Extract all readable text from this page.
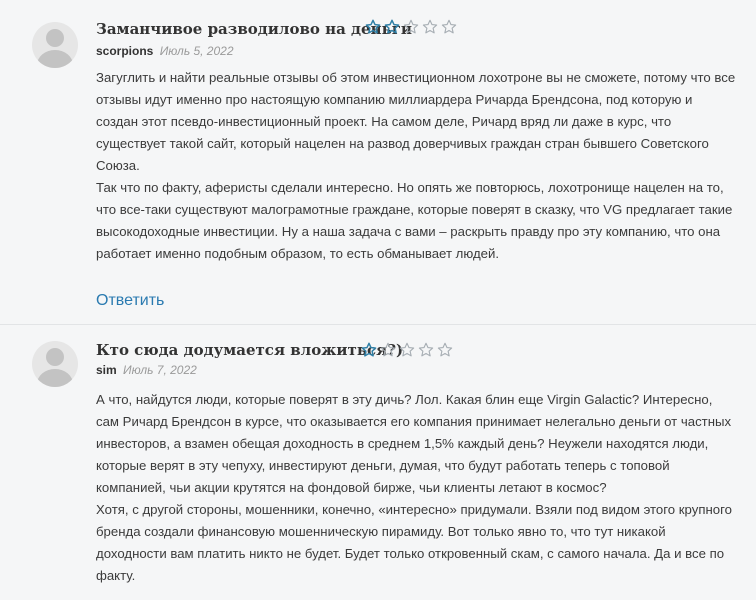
Заманчивое разводилово на деньги
scorpions Июль 5, 2022

Загуглить и найти реальные отзывы об этом инвестиционном лохотроне вы не сможете, потому что все отзывы идут именно про настоящую компанию миллиардера Ричарда Брендсона, под которую и создан этот псевдо-инвестиционный проект. На самом деле, Ричард вряд ли даже в курс, что существует такой сайт, который нацелен на развод доверчивых граждан стран бывшего Советского Союза.

Так что по факту, аферисты сделали интересно. Но опять же повторюсь, лохотронище нацелен на то, что все-таки существуют малограмотные граждане, которые поверят в сказку, что VG предлагает такие высокодоходные инвестиции. Ну а наша задача с вами – раскрыть правду про эту компанию, что она работает именно подобным образом, то есть обманывает людей.

Ответить
Кто сюда додумается вложиться?)
sim Июль 7, 2022

А что, найдутся люди, которые поверят в эту дичь? Лол. Какая блин еще Virgin Galactic? Интересно, сам Ричард Брендсон в курсе, что оказывается его компания принимает нелегально деньги от частных инвесторов, а взамен обещая доходность в среднем 1,5% каждый день? Неужели находятся люди, которые верят в эту чепуху, инвестируют деньги, думая, что будут работать теперь с топовой компанией, чьи акции крутятся на фондовой бирже, чьи клиенты летают в космос?

Хотя, с другой стороны, мошенники, конечно, «интересно» придумали. Взяли под видом этого крупного бренда создали финансовую мошенническую пирамиду. Вот только явно то, что тут никакой доходности вам платить никто не будет. Будет только откровенный скам, с самого начала. Да и все по факту.
